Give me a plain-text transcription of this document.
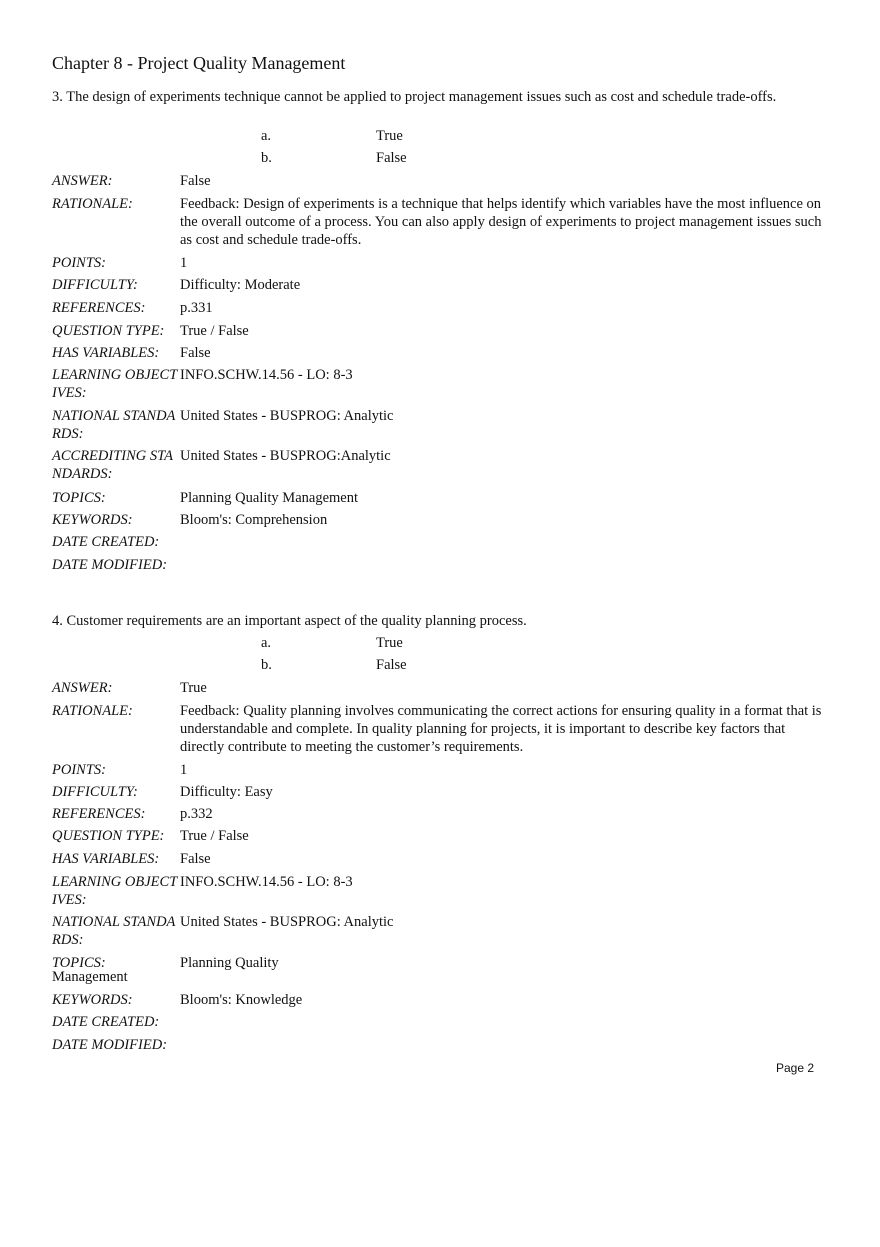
Chapter 8 - Project Quality Management
3. The design of experiments technique cannot be applied to project management issues such as cost and schedule trade-offs.
a.	True
b.	False
ANSWER:	False
RATIONALE:	Feedback: Design of experiments is a technique that helps identify which variables have the most influence on the overall outcome of a process. You can also apply design of experiments to project management issues such as cost and schedule trade-offs.
POINTS:	1
DIFFICULTY:	Difficulty: Moderate
REFERENCES:	p.331
QUESTION TYPE:	True / False
HAS VARIABLES:	False
LEARNING OBJECTIVES:
INFO.SCHW.14.56 - LO: 8-3
NATIONAL STANDARDS:
United States - BUSPROG: Analytic
ACCREDITING STANDARDS:
United States - BUSPROG:Analytic
TOPICS:	Planning Quality Management
KEYWORDS:	Bloom's: Comprehension
DATE CREATED:
DATE MODIFIED:
4. Customer requirements are an important aspect of the quality planning process.
a.	True
b.	False
ANSWER:	True
RATIONALE:	Feedback: Quality planning involves communicating the correct actions for ensuring quality in a format that is understandable and complete. In quality planning for projects, it is important to describe key factors that directly contribute to meeting the customer’s requirements.
POINTS:	1
DIFFICULTY:	Difficulty: Easy
REFERENCES:	p.332
QUESTION TYPE:	True / False
HAS VARIABLES:	False
LEARNING OBJECTIVES:
INFO.SCHW.14.56 - LO: 8-3
NATIONAL STANDARDS:
United States - BUSPROG: Analytic
TOPICS:	Planning Quality
Management
KEYWORDS:	Bloom's: Knowledge
DATE CREATED:
DATE MODIFIED:
Page 2
